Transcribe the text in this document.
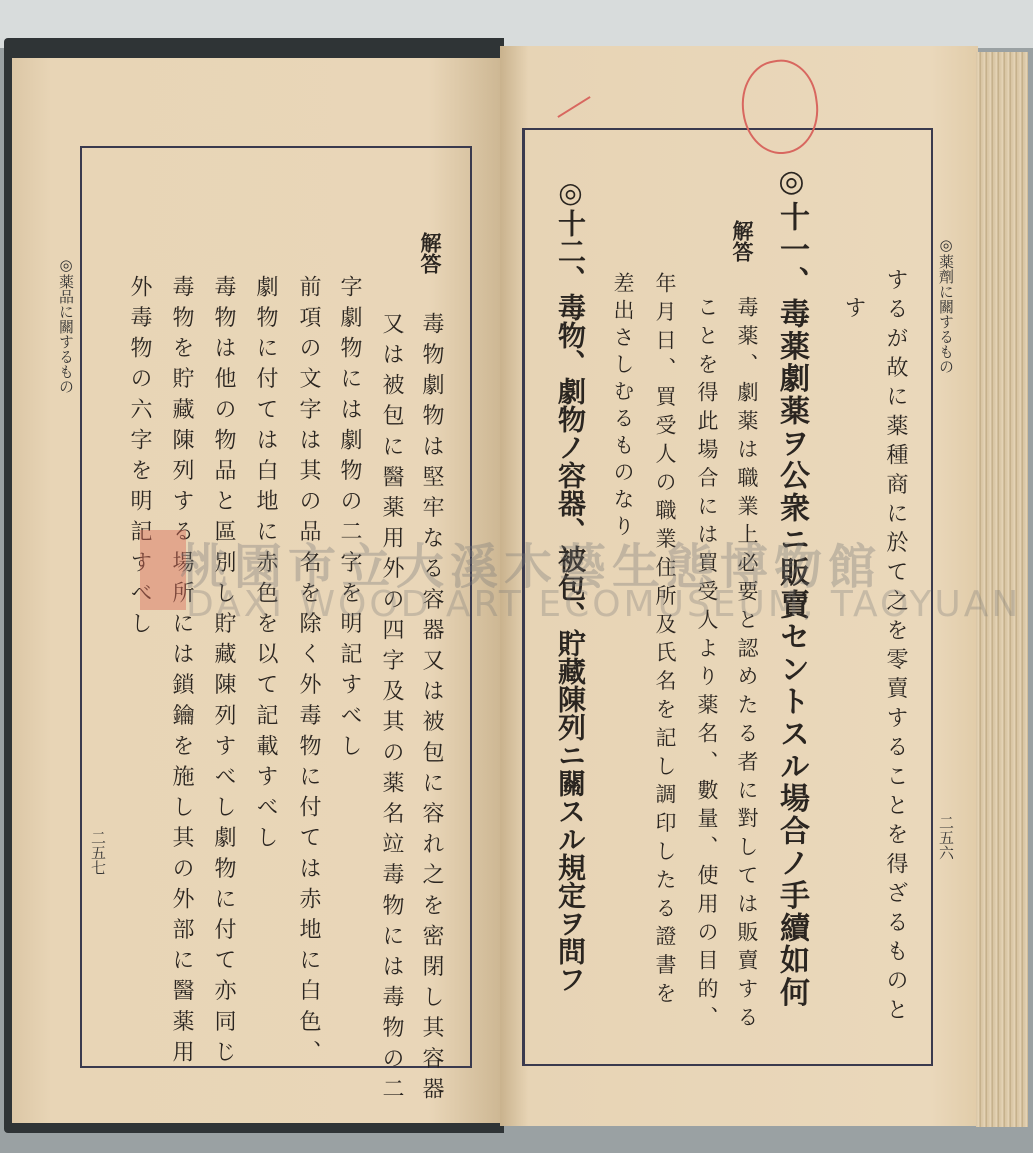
◎薬品に關するもの
二五七
解答
毒物劇物は堅牢なる容器又は被包に容れ之を密閉し其容器
又は被包に醫薬用外の四字及其の薬名竝毒物には毒物の二
字劇物には劇物の二字を明記すべし
前項の文字は其の品名を除く外毒物に付ては赤地に白色、
劇物に付ては白地に赤色を以て記載すべし
毒物は他の物品と區別し貯藏陳列すべし劇物に付て亦同じ
毒物を貯藏陳列する場所には鎖鑰を施し其の外部に醫薬用
外毒物の六字を明記すべし	◎薬劑に關するもの
二五六
するが故に薬種商に於て之を零賣することを得ざるものと
す
◎十一、毒薬劇薬ヲ公衆ニ販賣セントスル場合ノ手續如何
解答
毒薬、劇薬は職業上必要と認めたる者に對しては販賣する
ことを得此場合には買受人より薬名、數量、使用の目的、
年月日、買受人の職業住所及氏名を記し調印したる證書を
差出さしむるものなり
◎十二、毒物、劇物ノ容器、被包、貯藏陳列ニ關スル規定ヲ問フ
桃園市立大溪木藝生態博物館
DAXI WOOD ART ECOMUSEUM, TAOYUAN
